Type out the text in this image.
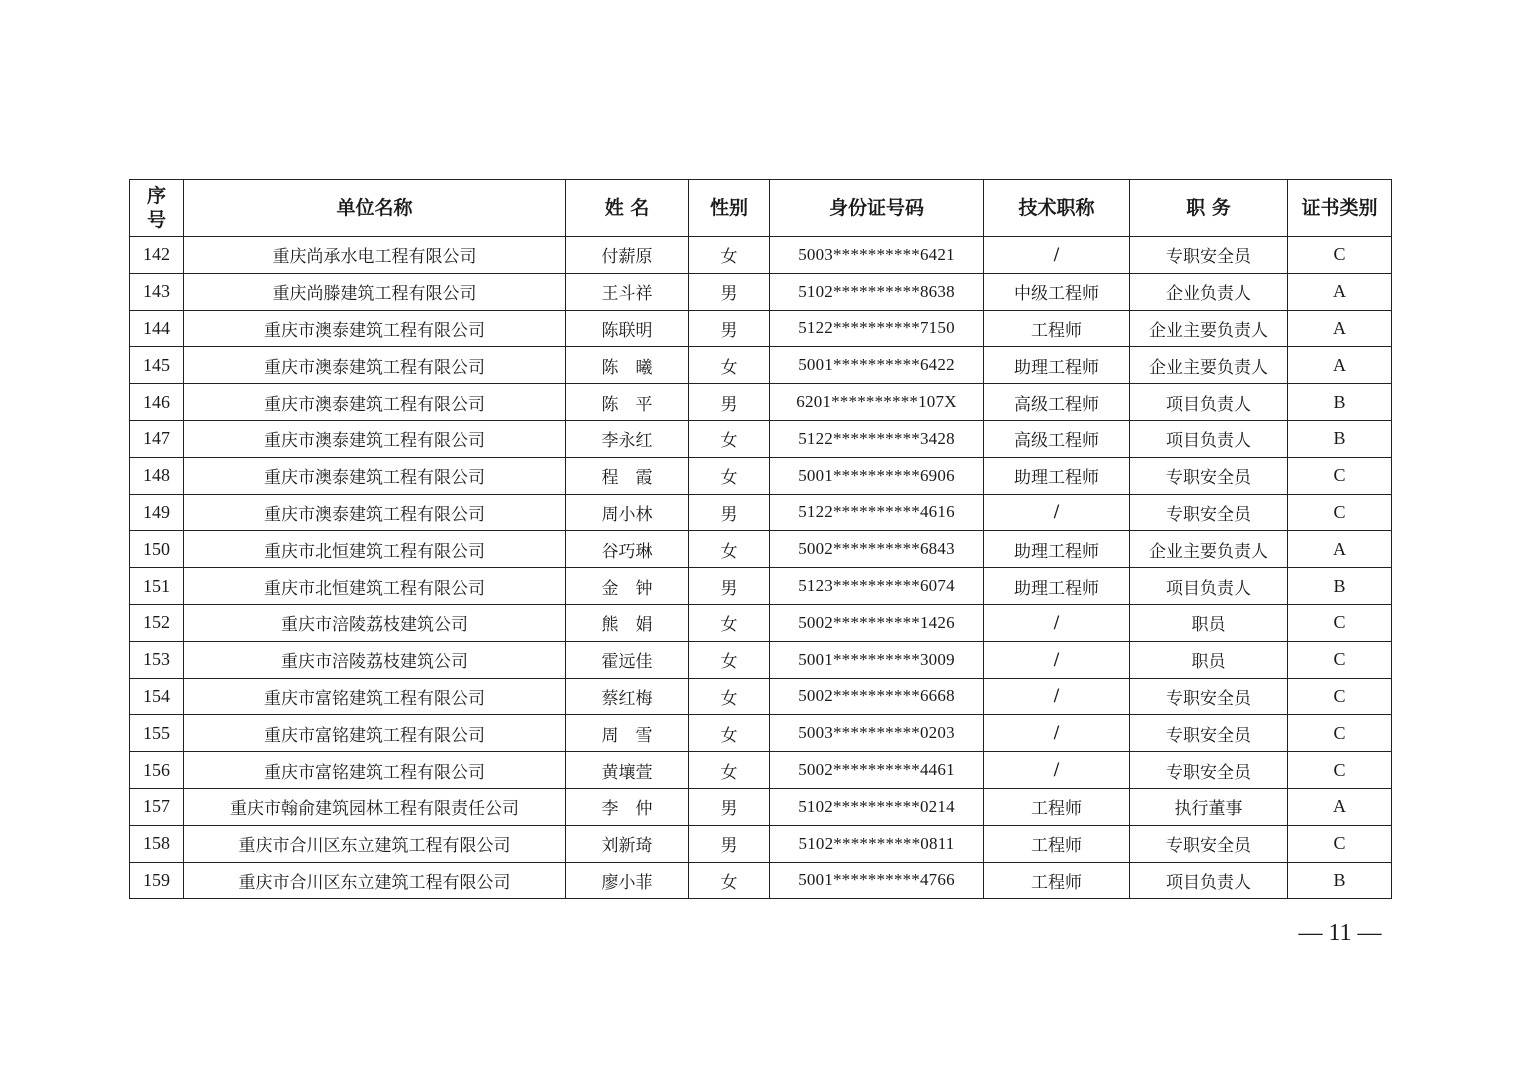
序号	单位名称	姓 名	性别	身份证号码	技术职称	职 务	证书类别
142	重庆尚承水电工程有限公司	付薪原	女	5003**********6421	/	专职安全员	C
143	重庆尚滕建筑工程有限公司	王斗祥	男	5102**********8638	中级工程师	企业负责人	A
144	重庆市澳泰建筑工程有限公司	陈联明	男	5122**********7150	工程师	企业主要负责人	A
145	重庆市澳泰建筑工程有限公司	陈　曦	女	5001**********6422	助理工程师	企业主要负责人	A
146	重庆市澳泰建筑工程有限公司	陈　平	男	6201**********107X	高级工程师	项目负责人	B
147	重庆市澳泰建筑工程有限公司	李永红	女	5122**********3428	高级工程师	项目负责人	B
148	重庆市澳泰建筑工程有限公司	程　霞	女	5001**********6906	助理工程师	专职安全员	C
149	重庆市澳泰建筑工程有限公司	周小林	男	5122**********4616	/	专职安全员	C
150	重庆市北恒建筑工程有限公司	谷巧琳	女	5002**********6843	助理工程师	企业主要负责人	A
151	重庆市北恒建筑工程有限公司	金　钟	男	5123**********6074	助理工程师	项目负责人	B
152	重庆市涪陵荔枝建筑公司	熊　娟	女	5002**********1426	/	职员	C
153	重庆市涪陵荔枝建筑公司	霍远佳	女	5001**********3009	/	职员	C
154	重庆市富铭建筑工程有限公司	蔡红梅	女	5002**********6668	/	专职安全员	C
155	重庆市富铭建筑工程有限公司	周　雪	女	5003**********0203	/	专职安全员	C
156	重庆市富铭建筑工程有限公司	黄壤萱	女	5002**********4461	/	专职安全员	C
157	重庆市翰俞建筑园林工程有限责任公司	李　仲	男	5102**********0214	工程师	执行董事	A
158	重庆市合川区东立建筑工程有限公司	刘新琦	男	5102**********0811	工程师	专职安全员	C
159	重庆市合川区东立建筑工程有限公司	廖小菲	女	5001**********4766	工程师	项目负责人	B
— 11 —
